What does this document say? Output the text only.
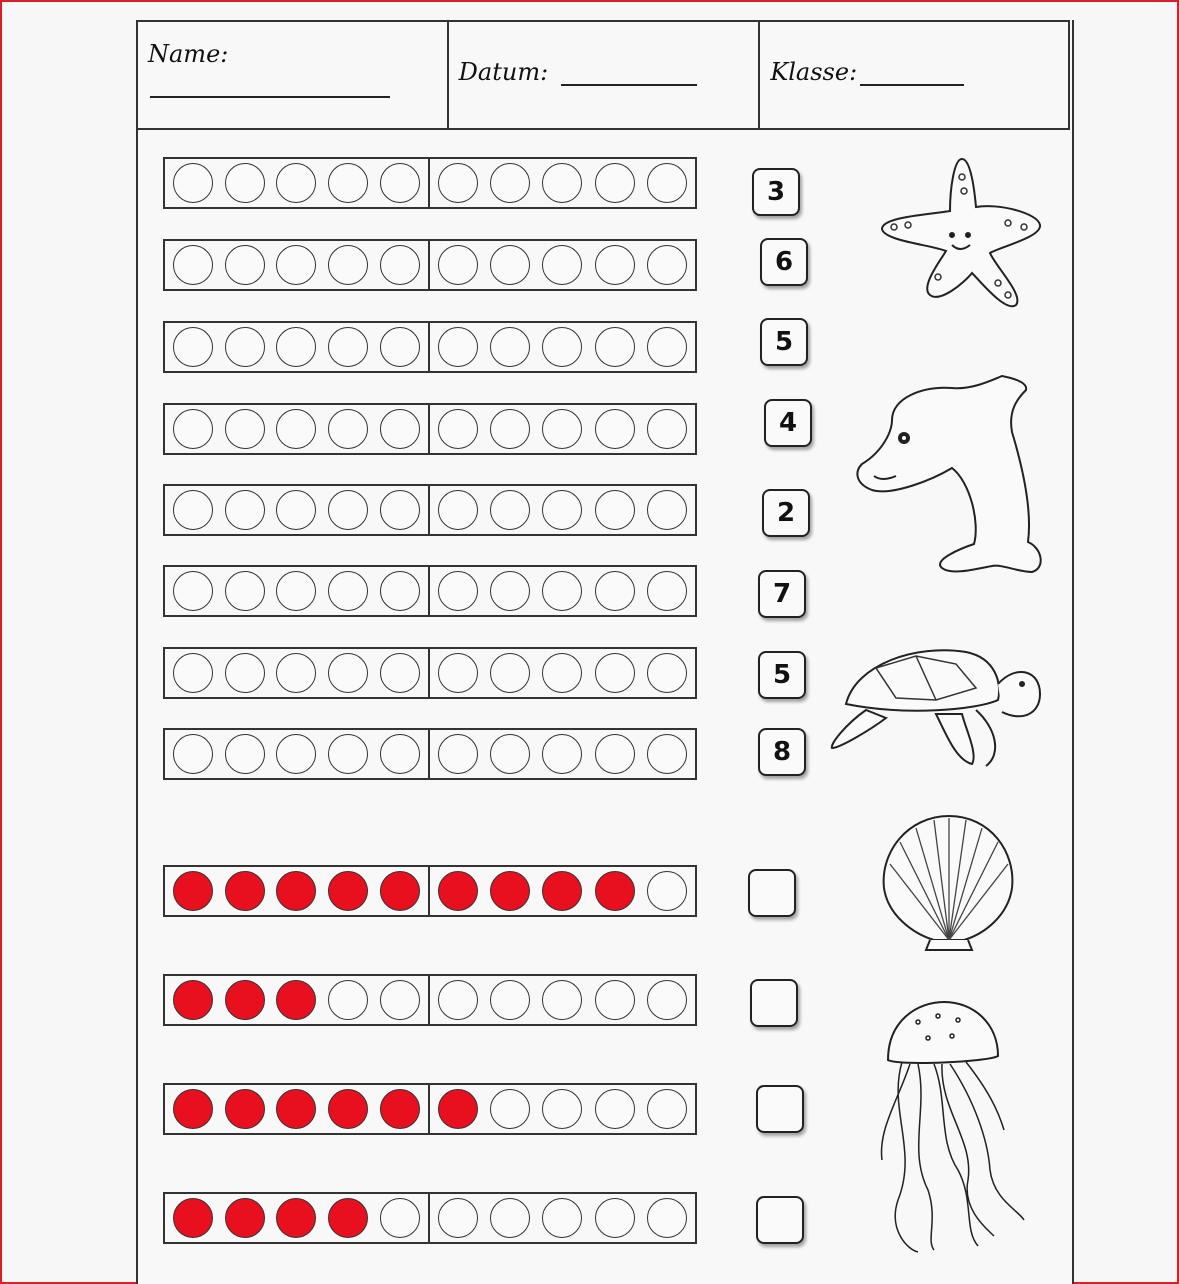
Name:
Datum:	Klasse:
3
6
5
4
2
7
5
8
